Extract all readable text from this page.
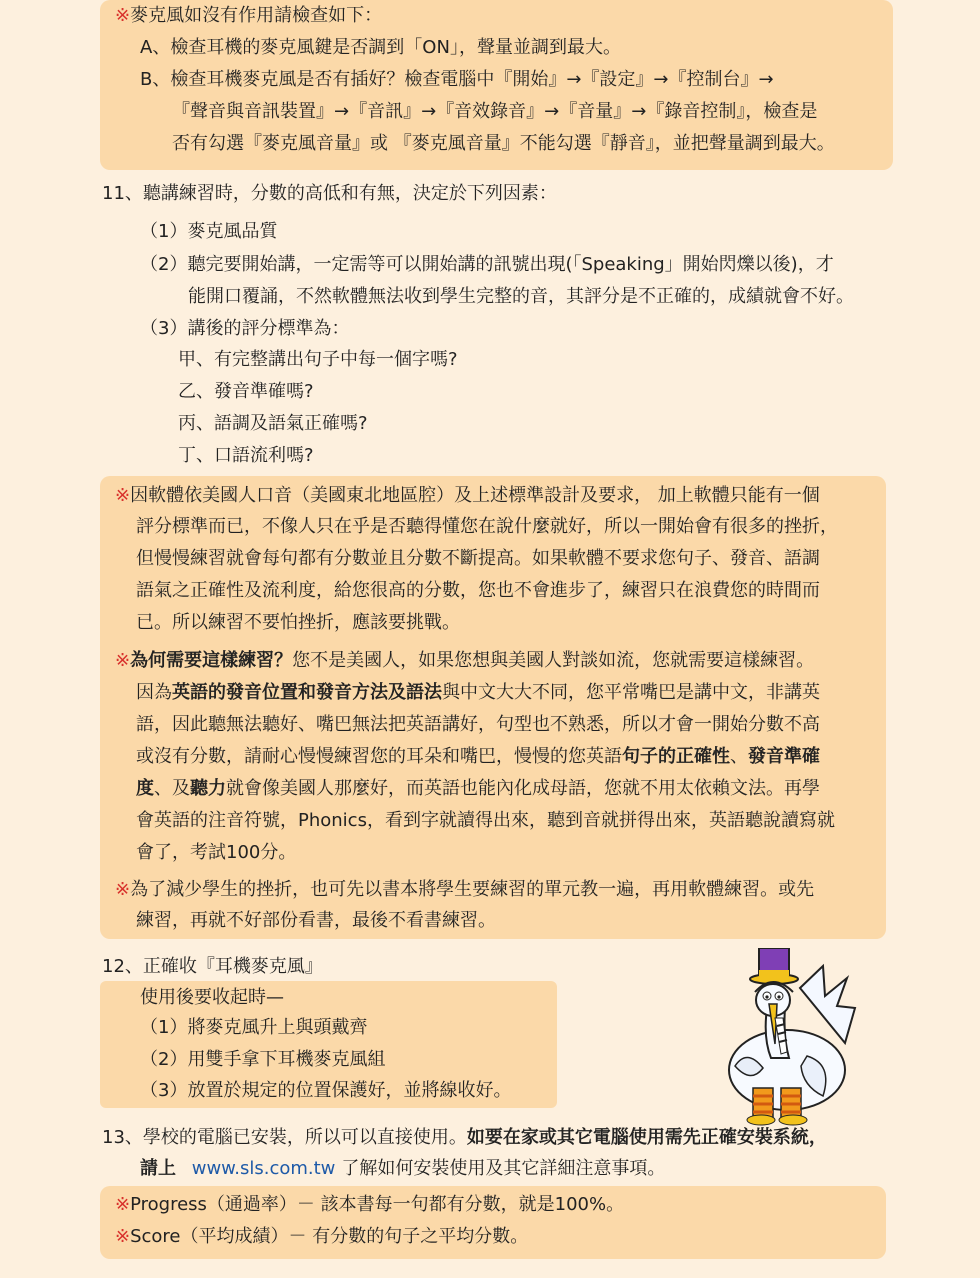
※麥克風如沒有作用請檢查如下：
A、檢查耳機的麥克風鍵是否調到「ON」，聲量並調到最大。
B、檢查耳機麥克風是否有插好？檢查電腦中『開始』→『設定』→『控制台』→
『聲音與音訊裝置』→『音訊』→『音效錄音』→『音量』→『錄音控制』，檢查是
否有勾選『麥克風音量』或 『麥克風音量』不能勾選『靜音』，並把聲量調到最大。
11、聽講練習時，分數的高低和有無，決定於下列因素：
（1）麥克風品質
（2）聽完要開始講，一定需等可以開始講的訊號出現(「Speaking」開始閃爍以後)，才
能開口覆誦，不然軟體無法收到學生完整的音，其評分是不正確的，成績就會不好。
（3）講後的評分標準為：
甲、有完整講出句子中每一個字嗎?
乙、發音準確嗎?
丙、語調及語氣正確嗎?
丁、口語流利嗎?
※因軟體依美國人口音（美國東北地區腔）及上述標準設計及要求， 加上軟體只能有一個
評分標準而已，不像人只在乎是否聽得懂您在說什麼就好，所以一開始會有很多的挫折，
但慢慢練習就會每句都有分數並且分數不斷提高。如果軟體不要求您句子、發音、語調
語氣之正確性及流利度，給您很高的分數，您也不會進步了，練習只在浪費您的時間而
已。所以練習不要怕挫折，應該要挑戰。
※為何需要這樣練習？您不是美國人，如果您想與美國人對談如流，您就需要這樣練習。
因為英語的發音位置和發音方法及語法與中文大大不同，您平常嘴巴是講中文，非講英
語，因此聽無法聽好、嘴巴無法把英語講好，句型也不熟悉，所以才會一開始分數不高
或沒有分數，請耐心慢慢練習您的耳朵和嘴巴，慢慢的您英語句子的正確性、發音準確
度、及聽力就會像美國人那麼好，而英語也能內化成母語，您就不用太依賴文法。再學
會英語的注音符號，Phonics，看到字就讀得出來，聽到音就拼得出來，英語聽說讀寫就
會了，考試100分。
※為了減少學生的挫折，也可先以書本將學生要練習的單元教一遍，再用軟體練習。或先
練習，再就不好部份看書，最後不看書練習。
12、正確收『耳機麥克風』
使用後要收起時—
（1）將麥克風升上與頭戴齊
（2）用雙手拿下耳機麥克風組
（3）放置於規定的位置保護好，並將線收好。
13、學校的電腦已安裝，所以可以直接使用。如要在家或其它電腦使用需先正確安裝系統，
請上 www.sls.com.tw 了解如何安裝使用及其它詳細注意事項。
※Progress（通過率）－ 該本書每一句都有分數，就是100%。
※Score（平均成績）－ 有分數的句子之平均分數。
